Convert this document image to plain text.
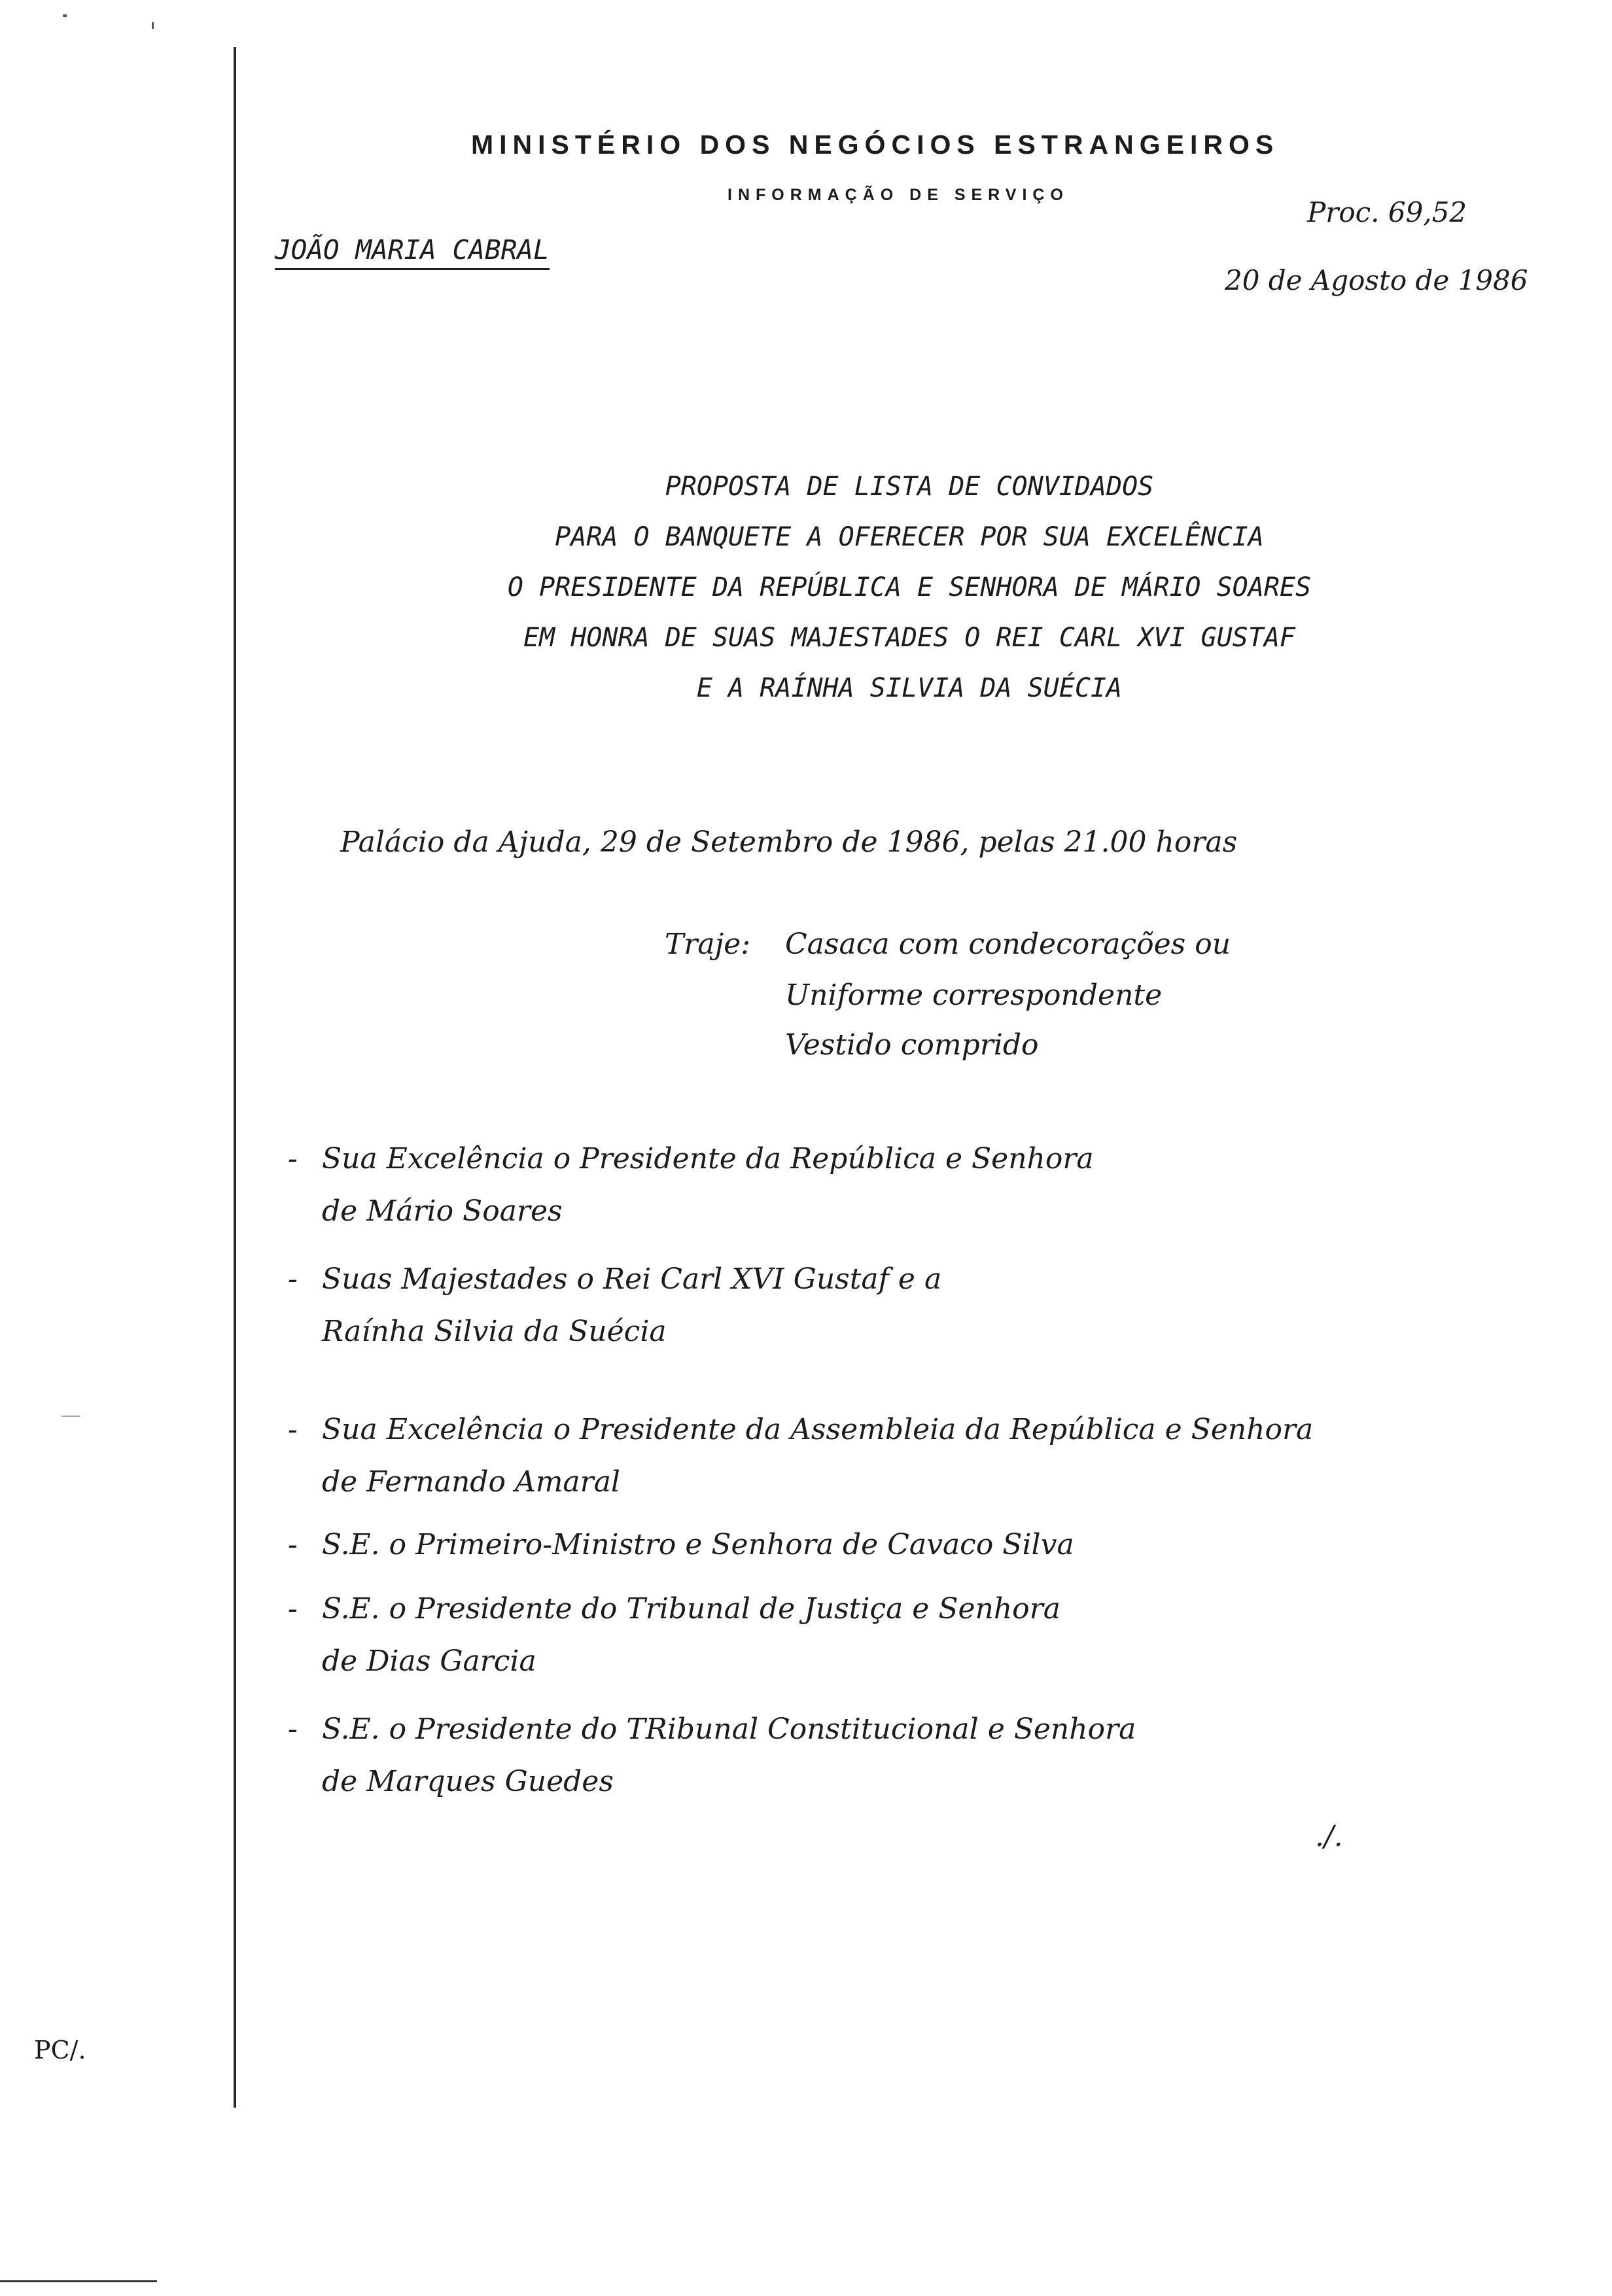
MINISTÉRIO DOS NEGÓCIOS ESTRANGEIROS
INFORMAÇÃO DE SERVIÇO
JOÃO MARIA CABRAL
Proc. 69,52
20 de Agosto de 1986
PROPOSTA DE LISTA DE CONVIDADOS
PARA O BANQUETE A OFERECER POR SUA EXCELÊNCIA
O PRESIDENTE DA REPÚBLICA E SENHORA DE MÁRIO SOARES
EM HONRA DE SUAS MAJESTADES O REI CARL XVI GUSTAF
E A RAÍNHA SILVIA DA SUÉCIA
Palácio da Ajuda, 29 de Setembro de 1986, pelas 21.00 horas
Traje: Casaca com condecorações ou
Uniforme correspondente
Vestido comprido
- Sua Excelência o Presidente da República e Senhora
de Mário Soares
- Suas Majestades o Rei Carl XVI Gustaf e a
Raínha Silvia da Suécia
- Sua Excelência o Presidente da Assembleia da República e Senhora
de Fernando Amaral
- S.E. o Primeiro-Ministro e Senhora de Cavaco Silva
- S.E. o Presidente do Tribunal de Justiça e Senhora
de Dias Garcia
- S.E. o Presidente do TRibunal Constitucional e Senhora
de Marques Guedes
./.
PC/.
